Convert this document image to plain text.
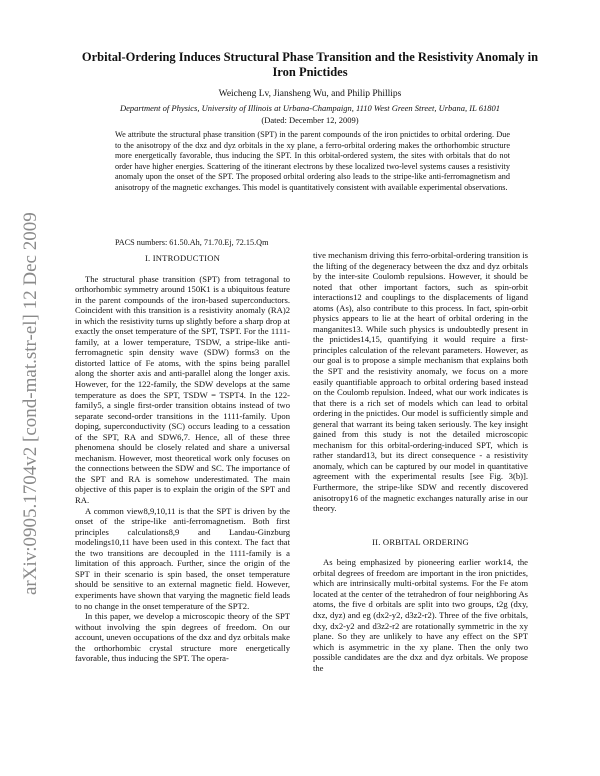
arXiv:0905.1704v2 [cond-mat.str-el] 12 Dec 2009
Orbital-Ordering Induces Structural Phase Transition and the Resistivity Anomaly in
Iron Pnictides
Weicheng Lv, Jiansheng Wu, and Philip Phillips
Department of Physics, University of Illinois at Urbana-Champaign, 1110 West Green Street, Urbana, IL 61801
(Dated: December 12, 2009)
We attribute the structural phase transition (SPT) in the parent compounds of the iron pnictides to orbital ordering. Due to the anisotropy of the dxz and dyz orbitals in the xy plane, a ferro-orbital ordering makes the orthorhombic structure more energetically favorable, thus inducing the SPT. In this orbital-ordered system, the sites with orbitals that do not order have higher energies. Scattering of the itinerant electrons by these localized two-level systems causes a resistivity anomaly upon the onset of the SPT. The proposed orbital ordering also leads to the stripe-like anti-ferromagnetism and anisotropy of the magnetic exchanges. This model is quantitatively consistent with available experimental observations.
PACS numbers: 61.50.Ah, 71.70.Ej, 72.15.Qm
I. INTRODUCTION

The structural phase transition (SPT) from tetragonal to orthorhombic symmetry around 150K1 is a ubiquitous feature in the parent compounds of the iron-based superconductors. Coincident with this transition is a resistivity anomaly (RA)2 in which the resistivity turns up slightly before a sharp drop at exactly the onset temperature of the SPT, TSPT. For the 1111-family, at a lower temperature, TSDW, a stripe-like anti-ferromagnetic spin density wave (SDW) forms3 on the distorted lattice of Fe atoms, with the spins being parallel along the shorter axis and anti-parallel along the longer axis. However, for the 122-family, the SDW develops at the same temperature as does the SPT, TSDW = TSPT4. In the 122-family5, a single first-order transition obtains instead of two separate second-order transitions in the 1111-family. Upon doping, superconductivity (SC) occurs leading to a cessation of the SPT, RA and SDW6,7. Hence, all of these three phenomena should be closely related and share a universal mechanism. However, most theoretical work only focuses on the connections between the SDW and SC. The importance of the SPT and RA is somehow underestimated. The main objective of this paper is to explain the origin of the SPT and RA.

A common view8,9,10,11 is that the SPT is driven by the onset of the stripe-like anti-ferromagnetism. Both first principles calculations8,9 and Landau-Ginzburg modelings10,11 have been used in this context. The fact that the two transitions are decoupled in the 1111-family is a limitation of this approach. Further, since the origin of the SPT in their scenario is spin based, the onset temperature should be sensitive to an external magnetic field. However, experiments have shown that varying the magnetic field leads to no change in the onset temperature of the SPT2.

In this paper, we develop a microscopic theory of the SPT without involving the spin degrees of freedom. On our account, uneven occupations of the dxz and dyz orbitals make the orthorhombic crystal structure more energetically favorable, thus inducing the SPT. The opera-

tive mechanism driving this ferro-orbital-ordering transition is the lifting of the degeneracy between the dxz and dyz orbitals by the inter-site Coulomb repulsions. However, it should be noted that other important factors, such as spin-orbit interactions12 and couplings to the displacements of ligand atoms (As), also contribute to this process. In fact, spin-orbit physics appears to lie at the heart of orbital ordering in the manganites13. While such physics is undoubtedly present in the pnictides14,15, quantifying it would require a first-principles calculation of the relevant parameters. However, as our goal is to propose a simple mechanism that explains both the SPT and the resistivity anomaly, we focus on a more easily quantifiable approach to orbital ordering based instead on the Coulomb repulsion. Indeed, what our work indicates is that there is a rich set of models which can lead to orbital ordering in the pnictides. Our model is sufficiently simple and general that warrant its being taken seriously. The key insight gained from this study is not the detailed microscopic mechanism for this orbital-ordering-induced SPT, which is rather standard13, but its direct consequence - a resistivity anomaly, which can be captured by our model in quantitative agreement with the experimental results [see Fig. 3(b)]. Furthermore, the stripe-like SDW and recently discovered anisotropy16 of the magnetic exchanges naturally arise in our theory.

II. ORBITAL ORDERING

As being emphasized by pioneering earlier work14, the orbital degrees of freedom are important in the iron pnictides, which are intrinsically multi-orbital systems. For the Fe atom located at the center of the tetrahedron of four neighboring As atoms, the five d orbitals are split into two groups, t2g (dxy, dxz, dyz) and eg (dx2-y2, d3z2-r2). Three of the five orbitals, dxy, dx2-y2 and d3z2-r2 are rotationally symmetric in the xy plane. So they are unlikely to have any effect on the SPT which is asymmetric in the xy plane. Then the only two possible candidates are the dxz and dyz orbitals. We propose the
